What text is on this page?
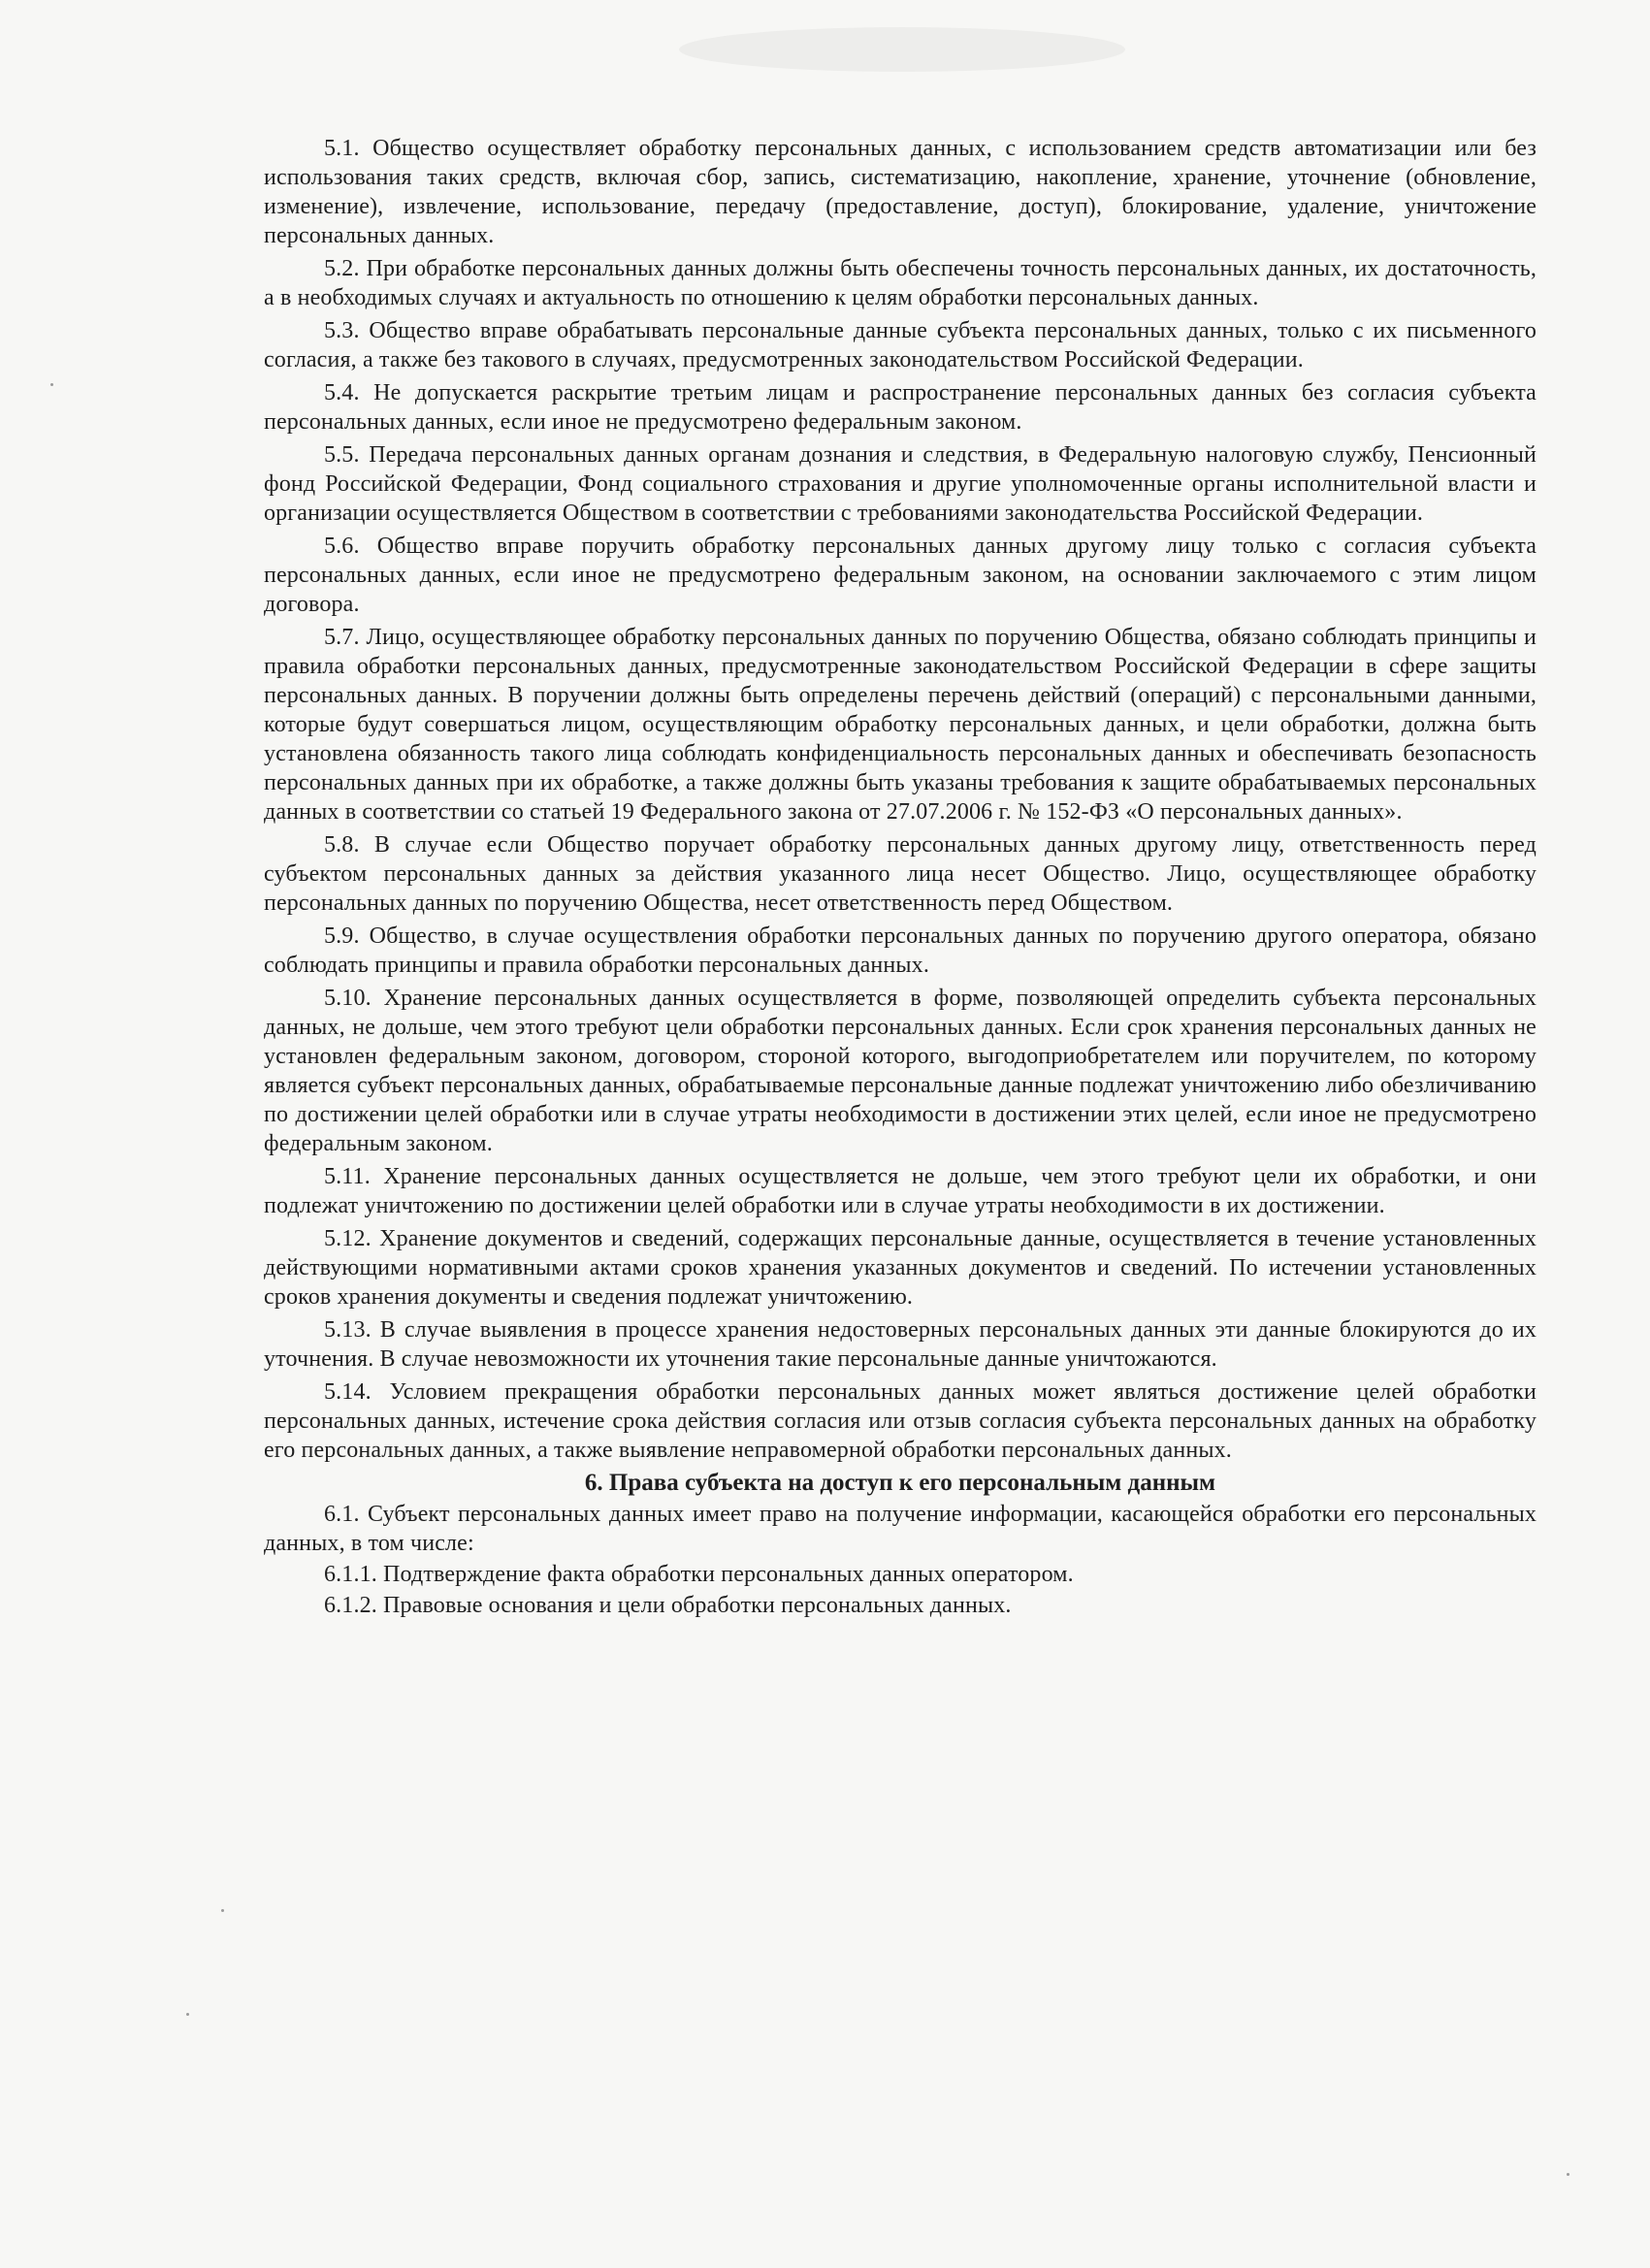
5.1. Общество осуществляет обработку персональных данных, с использованием средств автоматизации или без использования таких средств, включая сбор, запись, систематизацию, накопление, хранение, уточнение (обновление, изменение), извлечение, использование, передачу (предоставление, доступ), блокирование, удаление, уничтожение персональных данных.

5.2. При обработке персональных данных должны быть обеспечены точность персональных данных, их достаточность, а в необходимых случаях и актуальность по отношению к целям обработки персональных данных.

5.3. Общество вправе обрабатывать персональные данные субъекта персональных данных, только с их письменного согласия, а также без такового в случаях, предусмотренных законодательством Российской Федерации.

5.4. Не допускается раскрытие третьим лицам и распространение персональных данных без согласия субъекта персональных данных, если иное не предусмотрено федеральным законом.

5.5. Передача персональных данных органам дознания и следствия, в Федеральную налоговую службу, Пенсионный фонд Российской Федерации, Фонд социального страхования и другие уполномоченные органы исполнительной власти и организации осуществляется Обществом в соответствии с требованиями законодательства Российской Федерации.

5.6. Общество вправе поручить обработку персональных данных другому лицу только с согласия субъекта персональных данных, если иное не предусмотрено федеральным законом, на основании заключаемого с этим лицом договора.

5.7. Лицо, осуществляющее обработку персональных данных по поручению Общества, обязано соблюдать принципы и правила обработки персональных данных, предусмотренные законодательством Российской Федерации в сфере защиты персональных данных. В поручении должны быть определены перечень действий (операций) с персональными данными, которые будут совершаться лицом, осуществляющим обработку персональных данных, и цели обработки, должна быть установлена обязанность такого лица соблюдать конфиденциальность персональных данных и обеспечивать безопасность персональных данных при их обработке, а также должны быть указаны требования к защите обрабатываемых персональных данных в соответствии со статьей 19 Федерального закона от 27.07.2006 г. № 152-ФЗ «О персональных данных».

5.8. В случае если Общество поручает обработку персональных данных другому лицу, ответственность перед субъектом персональных данных за действия указанного лица несет Общество. Лицо, осуществляющее обработку персональных данных по поручению Общества, несет ответственность перед Обществом.

5.9. Общество, в случае осуществления обработки персональных данных по поручению другого оператора, обязано соблюдать принципы и правила обработки персональных данных.

5.10. Хранение персональных данных осуществляется в форме, позволяющей определить субъекта персональных данных, не дольше, чем этого требуют цели обработки персональных данных. Если срок хранения персональных данных не установлен федеральным законом, договором, стороной которого, выгодоприобретателем или поручителем, по которому является субъект персональных данных, обрабатываемые персональные данные подлежат уничтожению либо обезличиванию по достижении целей обработки или в случае утраты необходимости в достижении этих целей, если иное не предусмотрено федеральным законом.

5.11. Хранение персональных данных осуществляется не дольше, чем этого требуют цели их обработки, и они подлежат уничтожению по достижении целей обработки или в случае утраты необходимости в их достижении.

5.12. Хранение документов и сведений, содержащих персональные данные, осуществляется в течение установленных действующими нормативными актами сроков хранения указанных документов и сведений. По истечении установленных сроков хранения документы и сведения подлежат уничтожению.

5.13. В случае выявления в процессе хранения недостоверных персональных данных эти данные блокируются до их уточнения. В случае невозможности их уточнения такие персональные данные уничтожаются.

5.14. Условием прекращения обработки персональных данных может являться достижение целей обработки персональных данных, истечение срока действия согласия или отзыв согласия субъекта персональных данных на обработку его персональных данных, а также выявление неправомерной обработки персональных данных.

6. Права субъекта на доступ к его персональным данным

6.1. Субъект персональных данных имеет право на получение информации, касающейся обработки его персональных данных, в том числе:

6.1.1. Подтверждение факта обработки персональных данных оператором.

6.1.2. Правовые основания и цели обработки персональных данных.
